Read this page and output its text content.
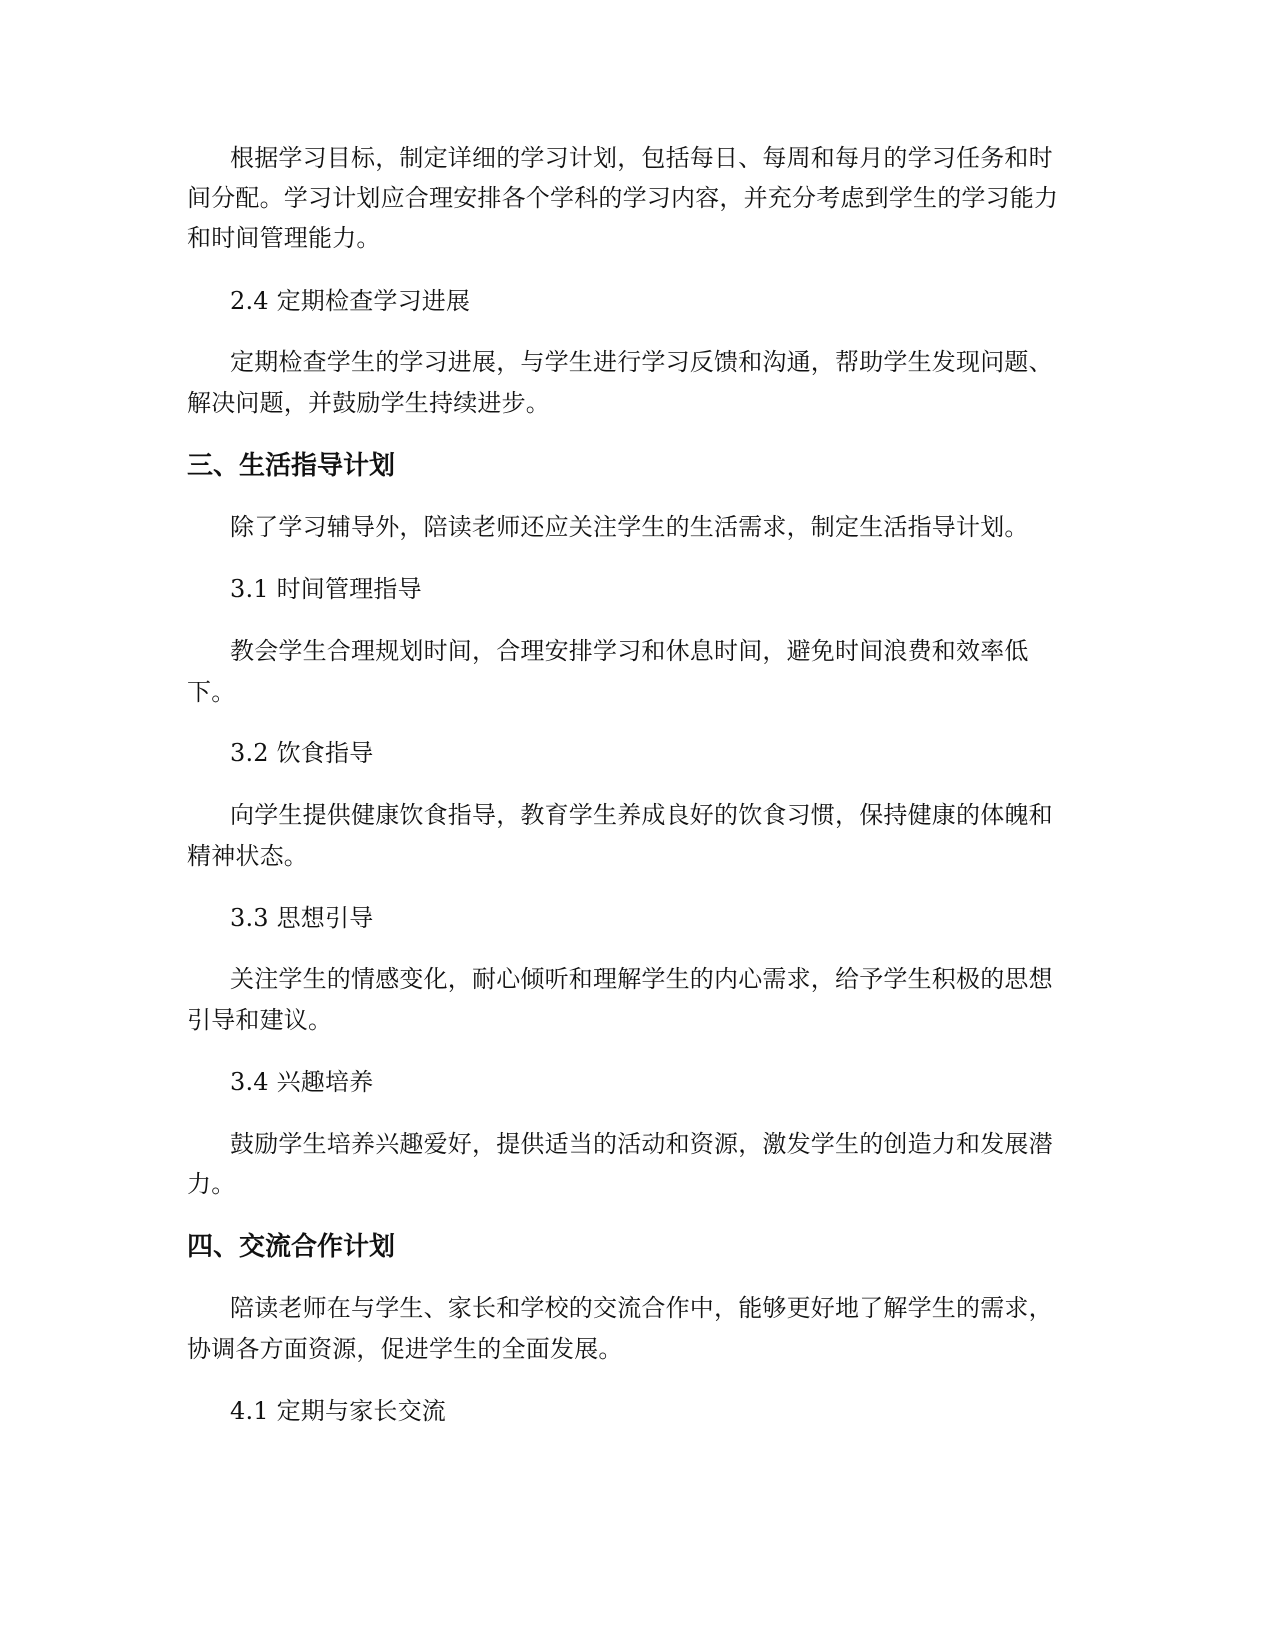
根据学习目标，制定详细的学习计划，包括每日、每周和每月的学习任务和时
间分配。学习计划应合理安排各个学科的学习内容，并充分考虑到学生的学习能力
和时间管理能力。
2.4 定期检查学习进展
定期检查学生的学习进展，与学生进行学习反馈和沟通，帮助学生发现问题、
解决问题，并鼓励学生持续进步。
三、生活指导计划
除了学习辅导外，陪读老师还应关注学生的生活需求，制定生活指导计划。
3.1 时间管理指导
教会学生合理规划时间，合理安排学习和休息时间，避免时间浪费和效率低
下。
3.2 饮食指导
向学生提供健康饮食指导，教育学生养成良好的饮食习惯，保持健康的体魄和
精神状态。
3.3 思想引导
关注学生的情感变化，耐心倾听和理解学生的内心需求，给予学生积极的思想
引导和建议。
3.4 兴趣培养
鼓励学生培养兴趣爱好，提供适当的活动和资源，激发学生的创造力和发展潜
力。
四、交流合作计划
陪读老师在与学生、家长和学校的交流合作中，能够更好地了解学生的需求，
协调各方面资源，促进学生的全面发展。
4.1 定期与家长交流
